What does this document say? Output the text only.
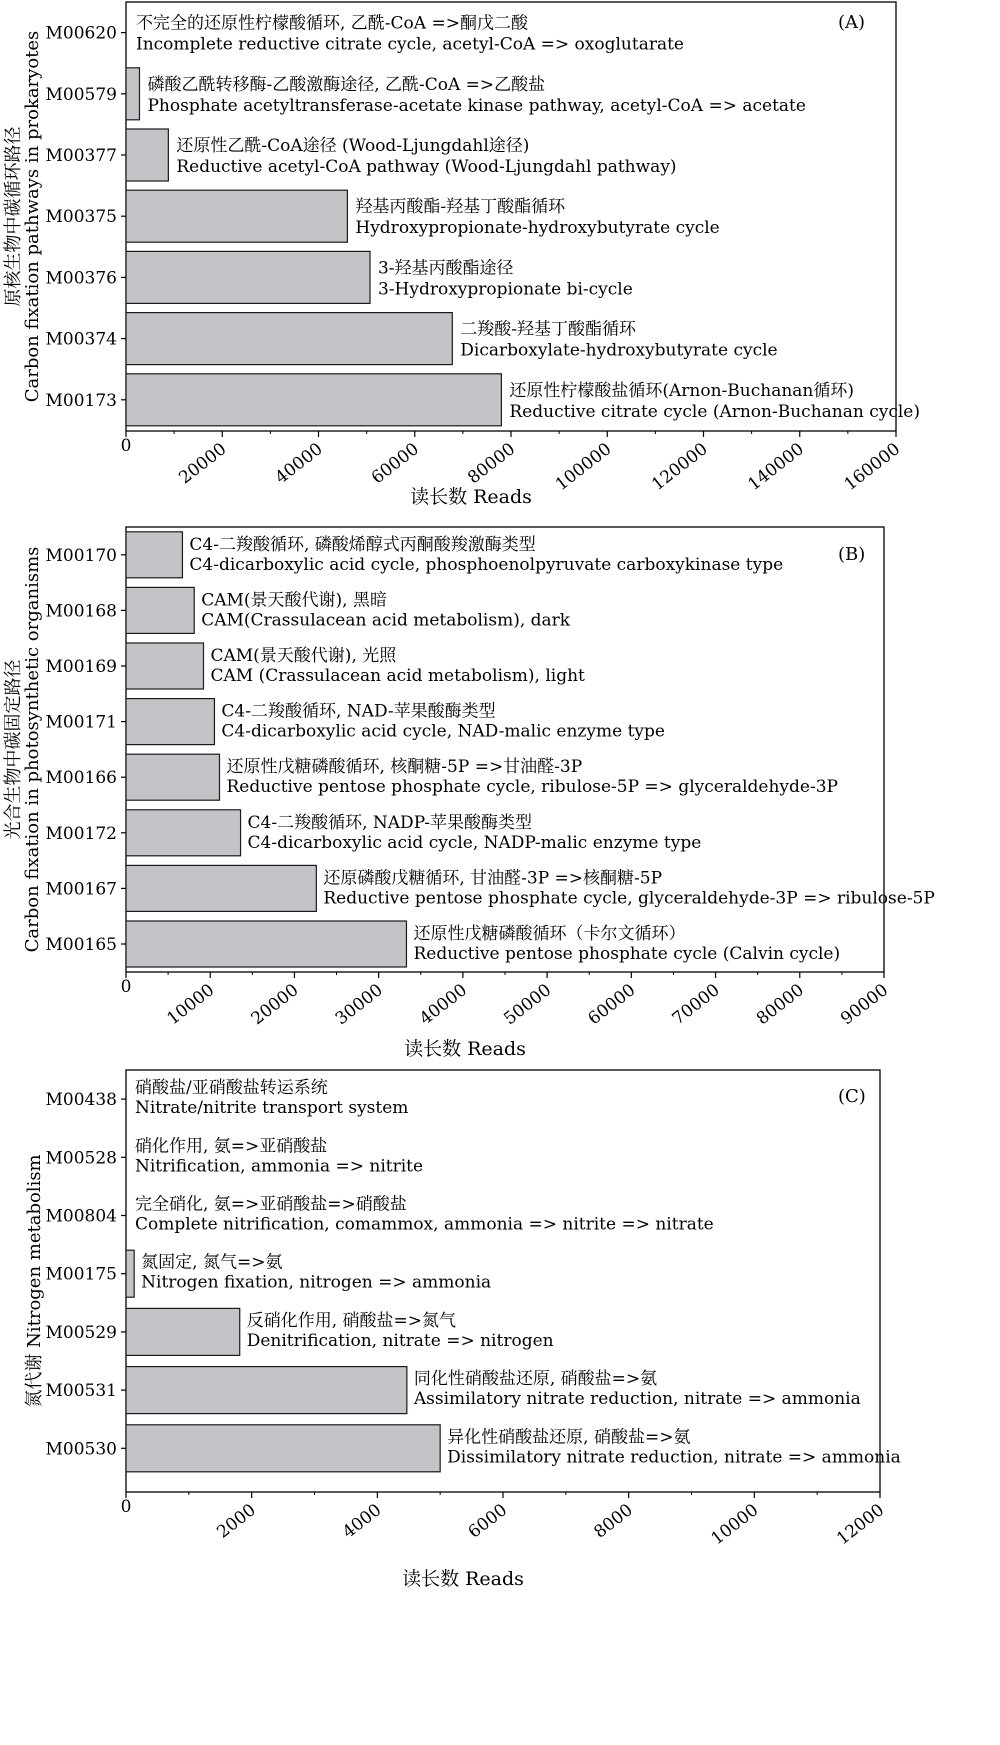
M00620 不完全的还原性柠檬酸循环, 乙酰-CoA =>酮戊二酸
Incomplete reductive citrate cycle, acetyl-CoA => oxoglutarate
M00579 磷酸乙酰转移酶-乙酸激酶途径, 乙酰-CoA =>乙酸盐
Phosphate acetyltransferase-acetate kinase pathway, acetyl-CoA => acetate
M00377	还原性乙酰-CoA途径 (Wood-Ljungdahl途径)
Reductive acetyl-CoA pathway (Wood-Ljungdahl pathway)
M00375	羟基丙酸酯-羟基丁酸酯循环
Hydroxypropionate-hydroxybutyrate cycle
M00376	3-羟基丙酸酯途径
3-Hydroxypropionate bi-cycle
M00374	二羧酸-羟基丁酸酯循环
Dicarboxylate-hydroxybutyrate cycle
M00173	还原性柠檬酸盐循环(Arnon-Buchanan循环)
Reductive citrate cycle (Arnon-Buchanan cycle)
0	20000 40000 60000 80000 100000 120000 140000 160000
(A)
读长数 Reads
原核生物中碳循环路径
Carbon fixation pathways in prokaryotes
M00170
C4-二羧酸循环, 磷酸烯醇式丙酮酸羧激酶类型
C4-dicarboxylic acid cycle, phosphoenolpyruvate carboxykinase type
M00168
CAM(景天酸代谢), 黑暗
CAM(Crassulacean acid metabolism), dark
M00169
CAM(景天酸代谢), 光照
CAM (Crassulacean acid metabolism), light
M00171
C4-二羧酸循环, NAD-苹果酸酶类型
C4-dicarboxylic acid cycle, NAD-malic enzyme type
M00166
还原性戊糖磷酸循环, 核酮糖-5P =>甘油醛-3P
Reductive pentose phosphate cycle, ribulose-5P => glyceraldehyde-3P
M00172
C4-二羧酸循环, NADP-苹果酸酶类型
C4-dicarboxylic acid cycle, NADP-malic enzyme type
M00167
还原磷酸戊糖循环, 甘油醛-3P =>核酮糖-5P
Reductive pentose phosphate cycle, glyceraldehyde-3P => ribulose-5P
M00165
还原性戊糖磷酸循环（卡尔文循环）
Reductive pentose phosphate cycle (Calvin cycle)
0 10000 20000 30000 40000 50000 60000 70000 80000 90000
(B)
读长数 Reads
光合生物中碳固定路径
Carbon fixation in photosynthetic organisms
M00438
硝酸盐/亚硝酸盐转运系统
Nitrate/nitrite transport system
M00528
硝化作用, 氨=>亚硝酸盐
Nitrification, ammonia => nitrite
M00804
完全硝化, 氨=>亚硝酸盐=>硝酸盐
Complete nitrification, comammox, ammonia => nitrite => nitrate
M00175
氮固定, 氮气=>氨
Nitrogen fixation, nitrogen => ammonia
M00529
反硝化作用, 硝酸盐=>氮气
Denitrification, nitrate => nitrogen
M00531
同化性硝酸盐还原, 硝酸盐=>氨
Assimilatory nitrate reduction, nitrate => ammonia
M00530
异化性硝酸盐还原, 硝酸盐=>氨
Dissimilatory nitrate reduction, nitrate => ammonia
0	2000	4000	6000	8000	10000	12000
(C)
读长数 Reads
氮代谢 Nitrogen metabolism
